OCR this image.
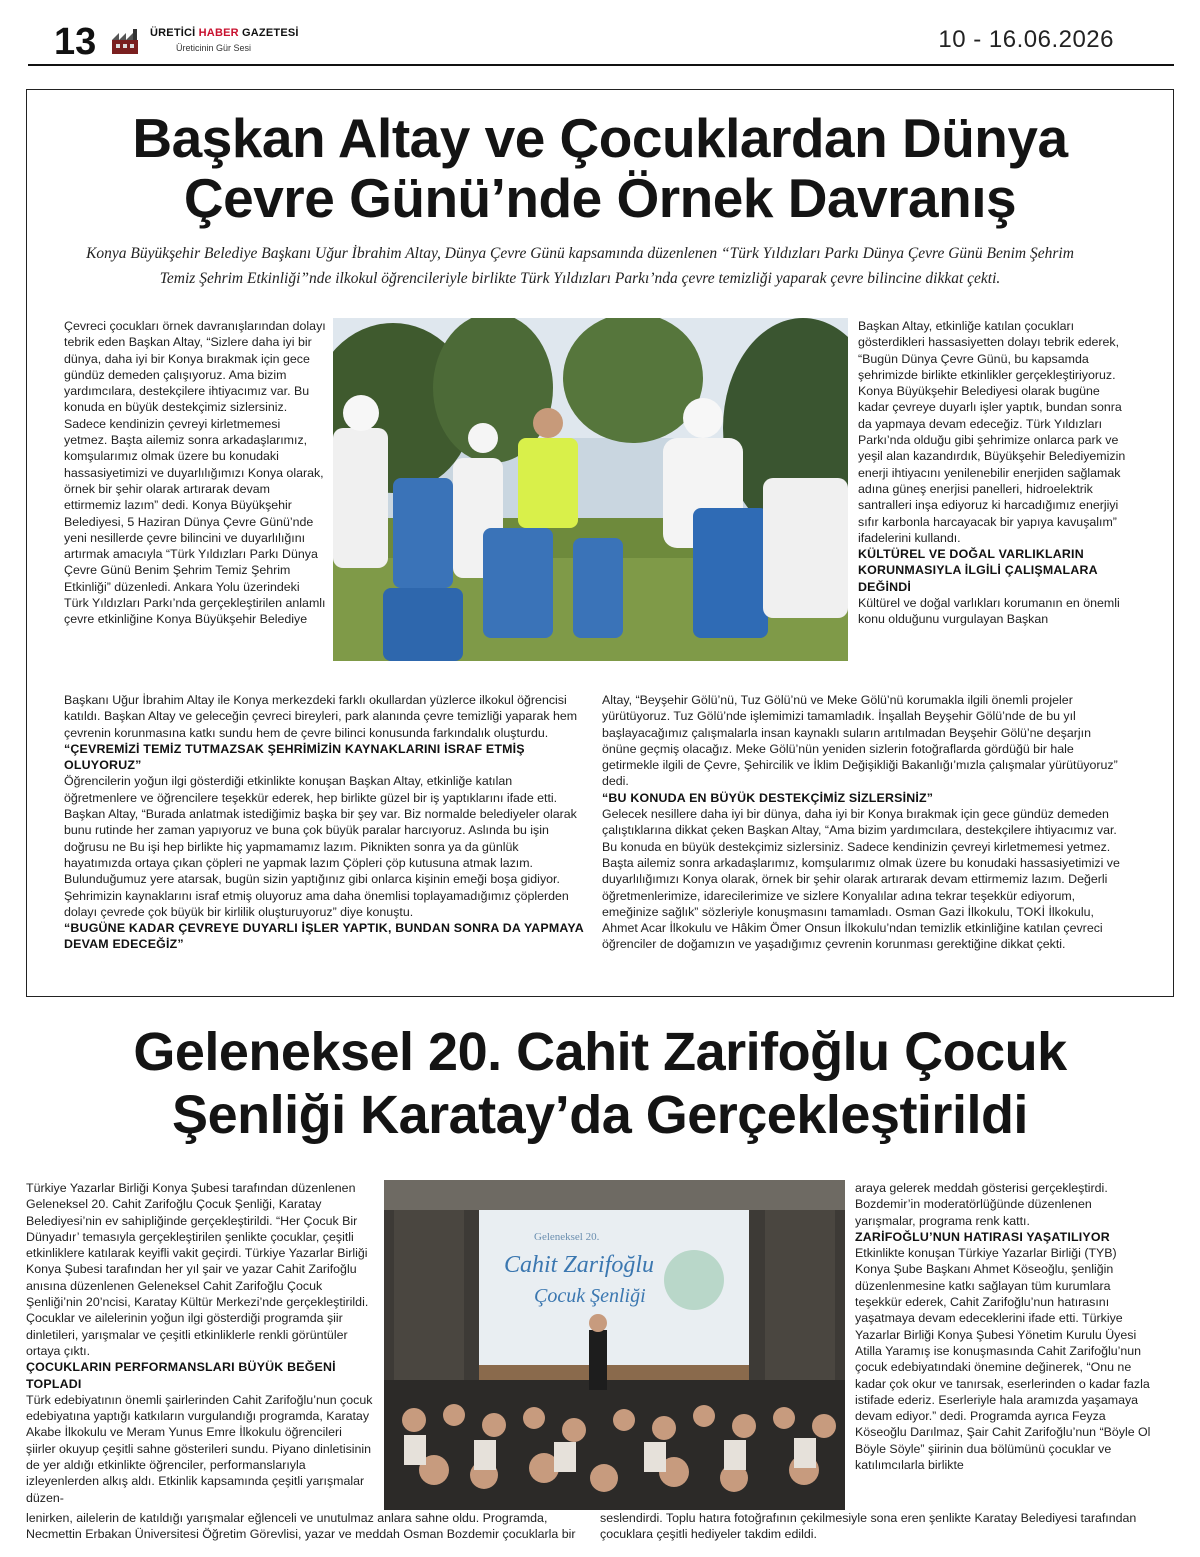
13	ÜRETİCİ HABER GAZETESİ
Üreticinin Gür Sesi	10 - 16.06.2026
Başkan Altay ve Çocuklardan Dünya
Çevre Günü’nde Örnek Davranış
Konya Büyükşehir Belediye Başkanı Uğur İbrahim Altay, Dünya Çevre Günü kapsamında düzenlenen “Türk Yıldızları Parkı Dünya Çevre Günü Benim Şehrim Temiz Şehrim Etkinliği”nde ilkokul öğrencileriyle birlikte Türk Yıldızları Parkı’nda çevre temizliği yaparak çevre bilincine dikkat çekti.

Çevreci çocukları örnek davranışlarından dolayı tebrik eden Başkan Altay, “Sizlere daha iyi bir dünya, daha iyi bir Konya bırakmak için gece gündüz demeden çalışıyoruz. Ama bizim yardımcılara, destekçilere ihtiyacımız var. Bu konuda en büyük destekçimiz sizlersiniz. Sadece kendinizin çevreyi kirletmemesi yetmez. Başta ailemiz sonra arkadaşlarımız, komşularımız olmak üzere bu konudaki hassasiyetimizi ve duyarlılığımızı Konya olarak, örnek bir şehir olarak artırarak devam ettirmemiz lazım” dedi. Konya Büyükşehir Belediyesi, 5 Haziran Dünya Çevre Günü’nde yeni nesillerde çevre bilincini ve duyarlılığını artırmak amacıyla “Türk Yıldızları Parkı Dünya Çevre Günü Benim Şehrim Temiz Şehrim Etkinliği” düzenledi. Ankara Yolu üzerindeki Türk Yıldızları Parkı’nda gerçekleştirilen anlamlı çevre etkinliğine Konya Büyükşehir Belediye

Başkan Altay, etkinliğe katılan çocukları gösterdikleri hassasiyetten dolayı tebrik ederek, “Bugün Dünya Çevre Günü, bu kapsamda şehrimizde birlikte etkinlikler gerçekleştiriyoruz. Konya Büyükşehir Belediyesi olarak bugüne kadar çevreye duyarlı işler yaptık, bundan sonra da yapmaya devam edeceğiz. Türk Yıldızları Parkı’nda olduğu gibi şehrimize onlarca park ve yeşil alan kazandırdık, Büyükşehir Belediyemizin enerji ihtiyacını yenilenebilir enerjiden sağlamak adına güneş enerjisi panelleri, hidroelektrik santralleri inşa ediyoruz ki harcadığımız enerjiyi sıfır karbonla harcayacak bir yapıya kavuşalım” ifadelerini kullandı.

KÜLTÜREL VE DOĞAL VARLIKLARIN KORUNMASIYLA İLGİLİ ÇALIŞMALARA DEĞİNDİ

Kültürel ve doğal varlıkları korumanın en önemli konu olduğunu vurgulayan Başkan

Başkanı Uğur İbrahim Altay ile Konya merkezdeki farklı okullardan yüzlerce ilkokul öğrencisi katıldı. Başkan Altay ve geleceğin çevreci bireyleri, park alanında çevre temizliği yaparak hem çevrenin korunmasına katkı sundu hem de çevre bilinci konusunda farkındalık oluşturdu.

“ÇEVREMİZİ TEMİZ TUTMAZSAK ŞEHRİMİZİN KAYNAKLARINI İSRAF ETMİŞ OLUYORUZ”

Öğrencilerin yoğun ilgi gösterdiği etkinlikte konuşan Başkan Altay, etkinliğe katılan öğretmenlere ve öğrencilere teşekkür ederek, hep birlikte güzel bir iş yaptıklarını ifade etti. Başkan Altay, “Burada anlatmak istediğimiz başka bir şey var. Biz normalde belediyeler olarak bunu rutinde her zaman yapıyoruz ve buna çok büyük paralar harcıyoruz. Aslında bu işin doğrusu ne Bu işi hep birlikte hiç yapmamamız lazım. Piknikten sonra ya da günlük hayatımızda ortaya çıkan çöpleri ne yapmak lazım Çöpleri çöp kutusuna atmak lazım. Bulunduğumuz yere atarsak, bugün sizin yaptığınız gibi onlarca kişinin emeği boşa gidiyor. Şehrimizin kaynaklarını israf etmiş oluyoruz ama daha önemlisi toplayamadığımız çöplerden dolayı çevrede çok büyük bir kirlilik oluşturuyoruz” diye konuştu.

“BUGÜNE KADAR ÇEVREYE DUYARLI İŞLER YAPTIK, BUNDAN SONRA DA YAPMAYA DEVAM EDECEĞİZ”

Altay, “Beyşehir Gölü’nü, Tuz Gölü’nü ve Meke Gölü’nü korumakla ilgili önemli projeler yürütüyoruz. Tuz Gölü’nde işlemimizi tamamladık. İnşallah Beyşehir Gölü’nde de bu yıl başlayacağımız çalışmalarla insan kaynaklı suların arıtılmadan Beyşehir Gölü’ne deşarjın önüne geçmiş olacağız. Meke Gölü’nün yeniden sizlerin fotoğraflarda gördüğü bir hale getirmekle ilgili de Çevre, Şehircilik ve İklim Değişikliği Bakanlığı’mızla çalışmalar yürütüyoruz” dedi.

“BU KONUDA EN BÜYÜK DESTEKÇİMİZ SİZLERSİNİZ”

Gelecek nesillere daha iyi bir dünya, daha iyi bir Konya bırakmak için gece gündüz demeden çalıştıklarına dikkat çeken Başkan Altay, “Ama bizim yardımcılara, destekçilere ihtiyacımız var. Bu konuda en büyük destekçimiz sizlersiniz. Sadece kendinizin çevreyi kirletmemesi yetmez. Başta ailemiz sonra arkadaşlarımız, komşularımız olmak üzere bu konudaki hassasiyetimizi ve duyarlılığımızı Konya olarak, örnek bir şehir olarak artırarak devam ettirmemiz lazım. Değerli öğretmenlerimize, idarecilerimize ve sizlere Konyalılar adına tekrar teşekkür ediyorum, emeğinize sağlık” sözleriyle konuşmasını tamamladı. Osman Gazi İlkokulu, TOKİ İlkokulu, Ahmet Acar İlkokulu ve Hâkim Ömer Onsun İlkokulu’ndan temizlik etkinliğine katılan çevreci öğrenciler de doğamızın ve yaşadığımız çevrenin korunması gerektiğine dikkat çekti.

Geleneksel 20. Cahit Zarifoğlu Çocuk
Şenliği Karatay’da Gerçekleştirildi

Türkiye Yazarlar Birliği Konya Şubesi tarafından düzenlenen Geleneksel 20. Cahit Zarifoğlu Çocuk Şenliği, Karatay Belediyesi’nin ev sahipliğinde gerçekleştirildi. “Her Çocuk Bir Dünyadır’ temasıyla gerçekleştirilen şenlikte çocuklar, çeşitli etkinliklere katılarak keyifli vakit geçirdi. Türkiye Yazarlar Birliği Konya Şubesi tarafından her yıl şair ve yazar Cahit Zarifoğlu anısına düzenlenen Geleneksel Cahit Zarifoğlu Çocuk Şenliği’nin 20’ncisi, Karatay Kültür Merkezi’nde gerçekleştirildi. Çocuklar ve ailelerinin yoğun ilgi gösterdiği programda şiir dinletileri, yarışmalar ve çeşitli etkinliklerle renkli görüntüler ortaya çıktı.

ÇOCUKLARIN PERFORMANSLARI BÜYÜK BEĞENİ TOPLADI

Türk edebiyatının önemli şairlerinden Cahit Zarifoğlu’nun çocuk edebiyatına yaptığı katkıların vurgulandığı programda, Karatay Akabe İlkokulu ve Meram Yunus Emre İlkokulu öğrencileri şiirler okuyup çeşitli sahne gösterileri sundu. Piyano dinletisinin de yer aldığı etkinlikte öğrenciler, performanslarıyla izleyenlerden alkış aldı. Etkinlik kapsamında çeşitli yarışmalar düzen-

Geleneksel 20.
Cahit Zarifoğlu
Çocuk Şenliği

araya gelerek meddah gösterisi gerçekleştirdi. Bozdemir’in moderatörlüğünde düzenlenen yarışmalar, programa renk kattı.

ZARİFOĞLU’NUN HATIRASI YAŞATILIYOR

Etkinlikte konuşan Türkiye Yazarlar Birliği (TYB) Konya Şube Başkanı Ahmet Köseoğlu, şenliğin düzenlenmesine katkı sağlayan tüm kurumlara teşekkür ederek, Cahit Zarifoğlu’nun hatırasını yaşatmaya devam edeceklerini ifade etti. Türkiye Yazarlar Birliği Konya Şubesi Yönetim Kurulu Üyesi Atilla Yaramış ise konuşmasında Cahit Zarifoğlu’nun çocuk edebiyatındaki önemine değinerek, “Onu ne kadar çok okur ve tanırsak, eserlerinden o kadar fazla istifade ederiz. Eserleriyle hala aramızda yaşamaya devam ediyor.” dedi. Programda ayrıca Feyza Köseoğlu Darılmaz, Şair Cahit Zarifoğlu’nun “Böyle Ol Böyle Söyle” şiirinin dua bölümünü çocuklar ve katılımcılarla birlikte

lenirken, ailelerin de katıldığı yarışmalar eğlenceli ve unutulmaz anlara sahne oldu. Programda, Necmettin Erbakan Üniversitesi Öğretim Görevlisi, yazar ve meddah Osman Bozdemir çocuklarla bir

seslendirdi. Toplu hatıra fotoğrafının çekilmesiyle sona eren şenlikte Karatay Belediyesi tarafından çocuklara çeşitli hediyeler takdim edildi.
